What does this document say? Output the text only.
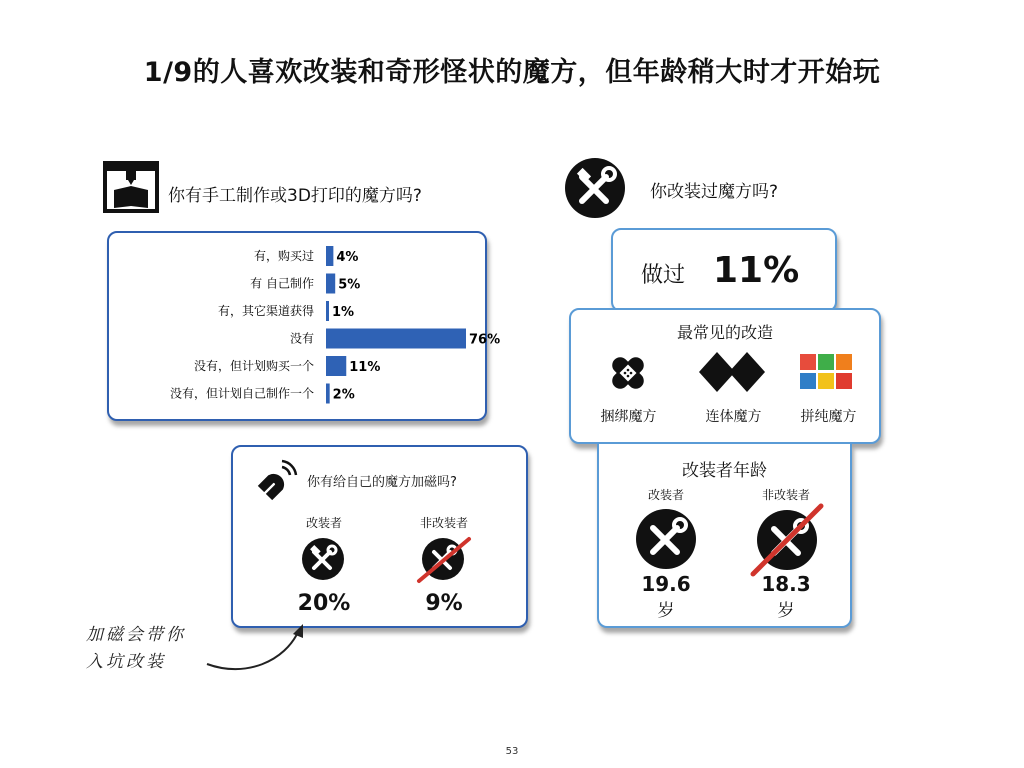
1/9的人喜欢改装和奇形怪状的魔方，但年龄稍大时才开始玩
你有手工制作或3D打印的魔方吗?
有，购买过 4%
有 自己制作 5%
有，其它渠道获得 1%
没有	76%
没有，但计划购买一个	11%
没有，但计划自己制作一个 2%
你有给自己的魔方加磁吗?
改装者	非改装者
20%	9%
加磁会带你
入坑改装
你改装过魔方吗?
做过 11%
最常见的改造
捆绑魔方	连体魔方	拼纯魔方
改装者年龄
改装者	非改装者
19.6	18.3
岁	岁
53
